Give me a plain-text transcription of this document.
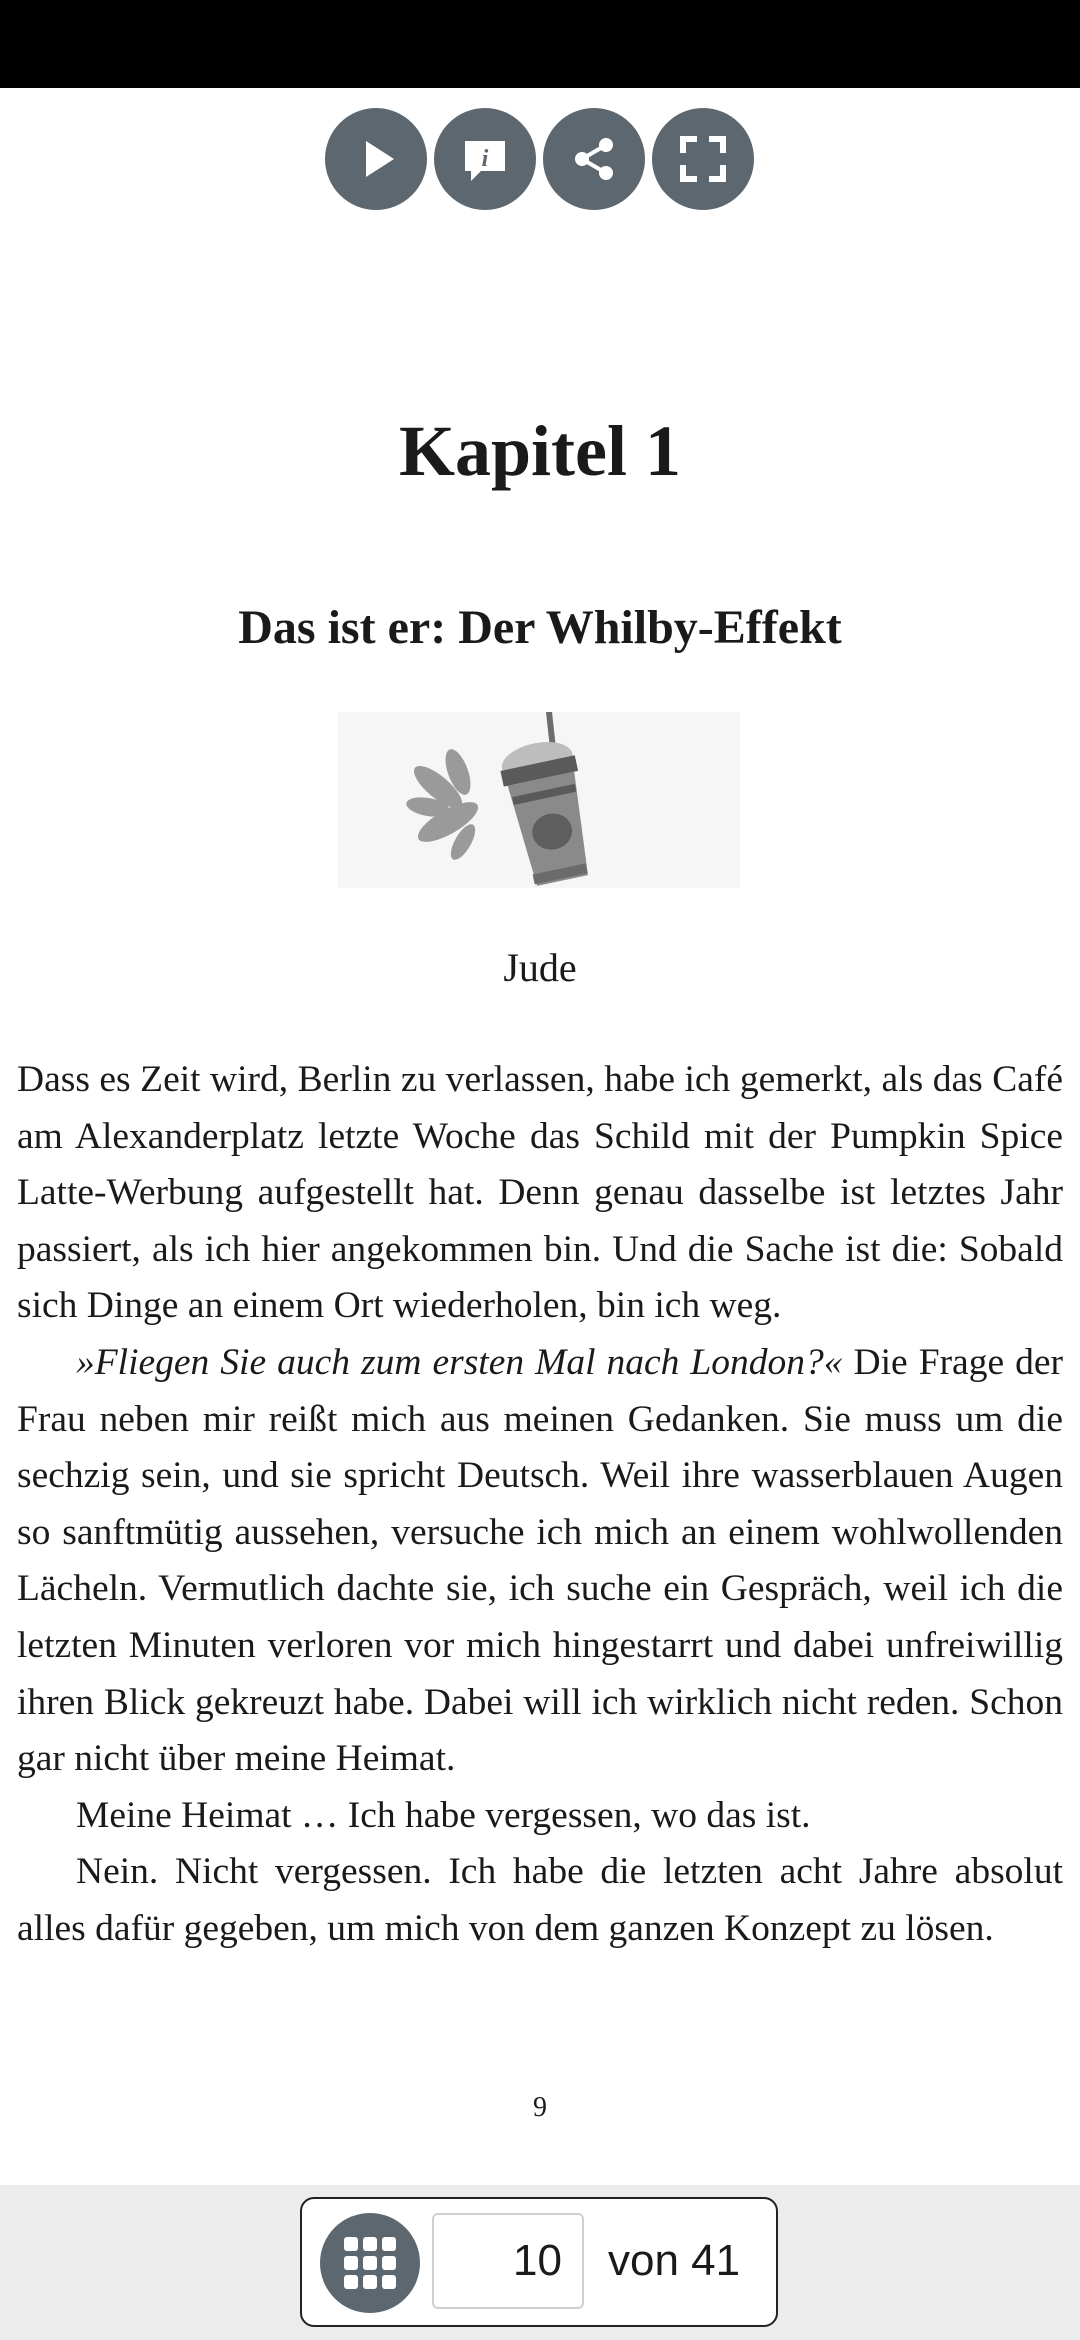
i
Kapitel 1
Das ist er: Der Whilby-Effekt
Jude

Dass es Zeit wird, Berlin zu verlassen, habe ich gemerkt, als das Café am Alexanderplatz letzte Woche das Schild mit der Pumpkin Spice Latte-Werbung aufgestellt hat. Denn genau dasselbe ist letztes Jahr passiert, als ich hier angekommen bin. Und die Sache ist die: Sobald sich Dinge an einem Ort wiederholen, bin ich weg.

»Fliegen Sie auch zum ersten Mal nach London?« Die Frage der Frau neben mir reißt mich aus meinen Gedanken. Sie muss um die sechzig sein, und sie spricht Deutsch. Weil ihre wasserblauen Augen so sanftmütig aussehen, versuche ich mich an einem wohlwollenden Lächeln. Vermutlich dachte sie, ich suche ein Gespräch, weil ich die letzten Minuten verloren vor mich hingestarrt und dabei unfreiwillig ihren Blick gekreuzt habe. Dabei will ich wirklich nicht reden. Schon gar nicht über meine Heimat.

Meine Heimat … Ich habe vergessen, wo das ist.

Nein. Nicht vergessen. Ich habe die letzten acht Jahre absolut alles dafür gegeben, um mich von dem ganzen Konzept zu lösen.

9
10	von 41
